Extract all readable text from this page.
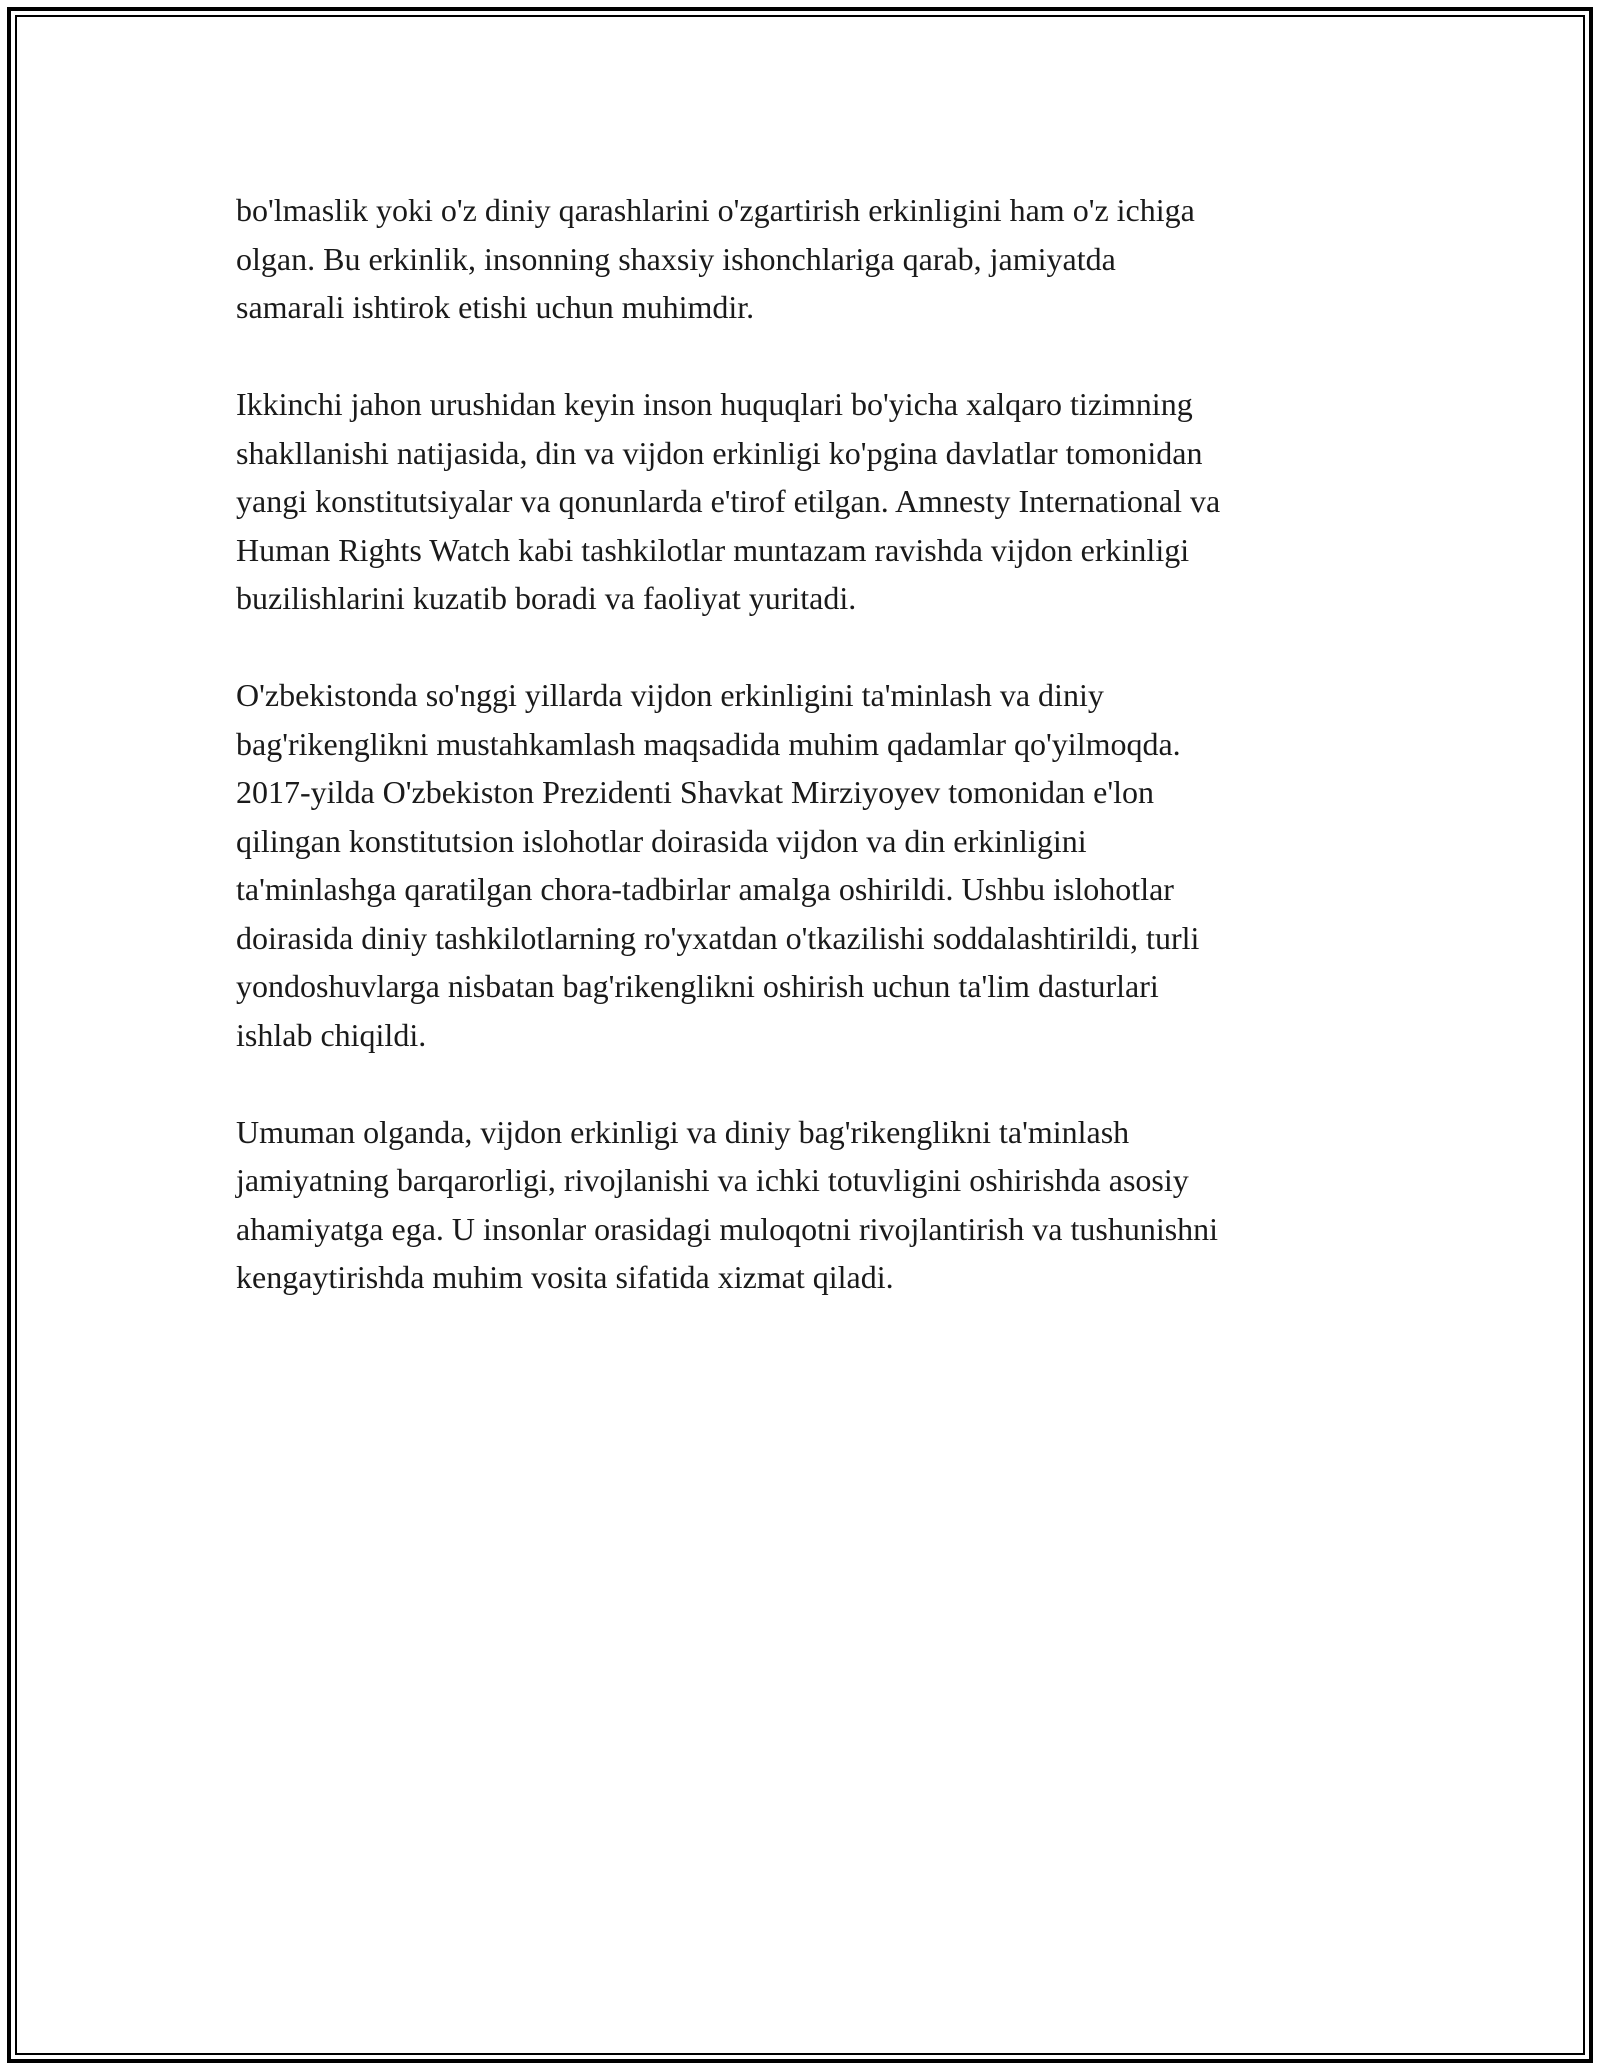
bo'lmaslik yoki o'z diniy qarashlarini o'zgartirish erkinligini ham o'z ichiga
olgan. Bu erkinlik, insonning shaxsiy ishonchlariga qarab, jamiyatda
samarali ishtirok etishi uchun muhimdir.

Ikkinchi jahon urushidan keyin inson huquqlari bo'yicha xalqaro tizimning
shakllanishi natijasida, din va vijdon erkinligi ko'pgina davlatlar tomonidan
yangi konstitutsiyalar va qonunlarda e'tirof etilgan. Amnesty International va
Human Rights Watch kabi tashkilotlar muntazam ravishda vijdon erkinligi
buzilishlarini kuzatib boradi va faoliyat yuritadi.

O'zbekistonda so'nggi yillarda vijdon erkinligini ta'minlash va diniy
bag'rikenglikni mustahkamlash maqsadida muhim qadamlar qo'yilmoqda.
2017-yilda O'zbekiston Prezidenti Shavkat Mirziyoyev tomonidan e'lon
qilingan konstitutsion islohotlar doirasida vijdon va din erkinligini
ta'minlashga qaratilgan chora-tadbirlar amalga oshirildi. Ushbu islohotlar
doirasida diniy tashkilotlarning ro'yxatdan o'tkazilishi soddalashtirildi, turli
yondoshuvlarga nisbatan bag'rikenglikni oshirish uchun ta'lim dasturlari
ishlab chiqildi.

Umuman olganda, vijdon erkinligi va diniy bag'rikenglikni ta'minlash
jamiyatning barqarorligi, rivojlanishi va ichki totuvligini oshirishda asosiy
ahamiyatga ega. U insonlar orasidagi muloqotni rivojlantirish va tushunishni
kengaytirishda muhim vosita sifatida xizmat qiladi.
